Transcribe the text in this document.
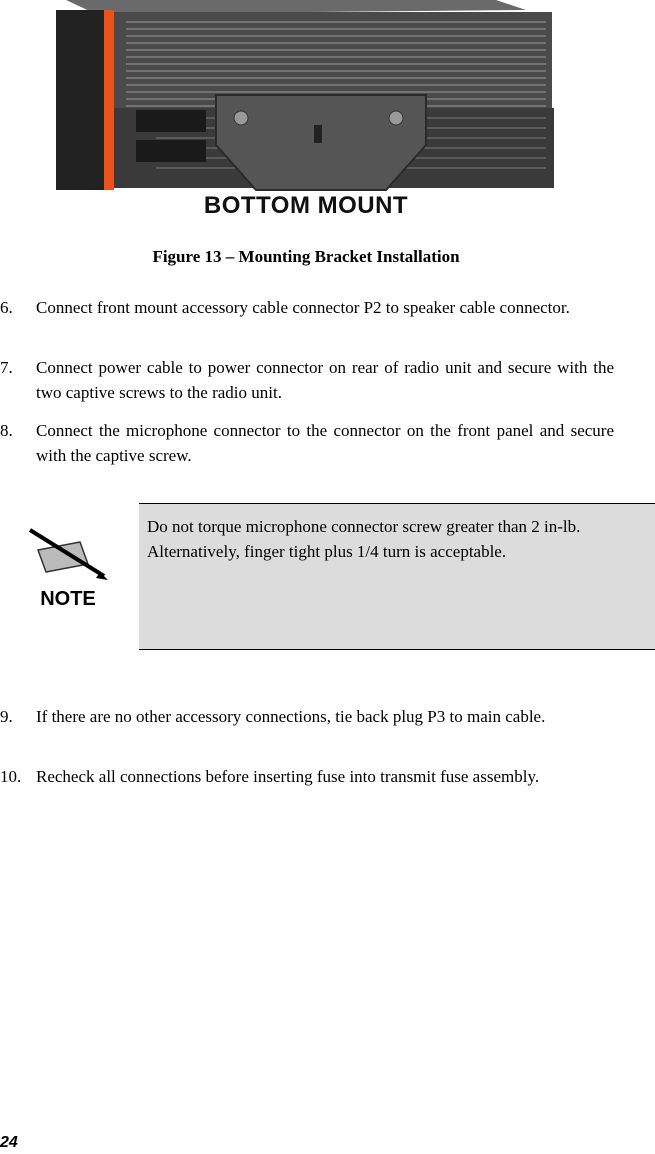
BOTTOM MOUNT
Figure 13 – Mounting Bracket Installation
6.	Connect front mount accessory cable connector P2 to speaker cable connector.
7.	Connect power cable to power connector on rear of radio unit and secure with the two captive screws to the radio unit.
8.	Connect the microphone connector to the connector on the front panel and secure with the captive screw.
NOTE
Do not torque microphone connector screw greater than 2 in-lb. Alternatively, finger tight plus 1/4 turn is acceptable.
9.	If there are no other accessory connections, tie back plug P3 to main cable.
10. Recheck all connections before inserting fuse into transmit fuse assembly.
24
